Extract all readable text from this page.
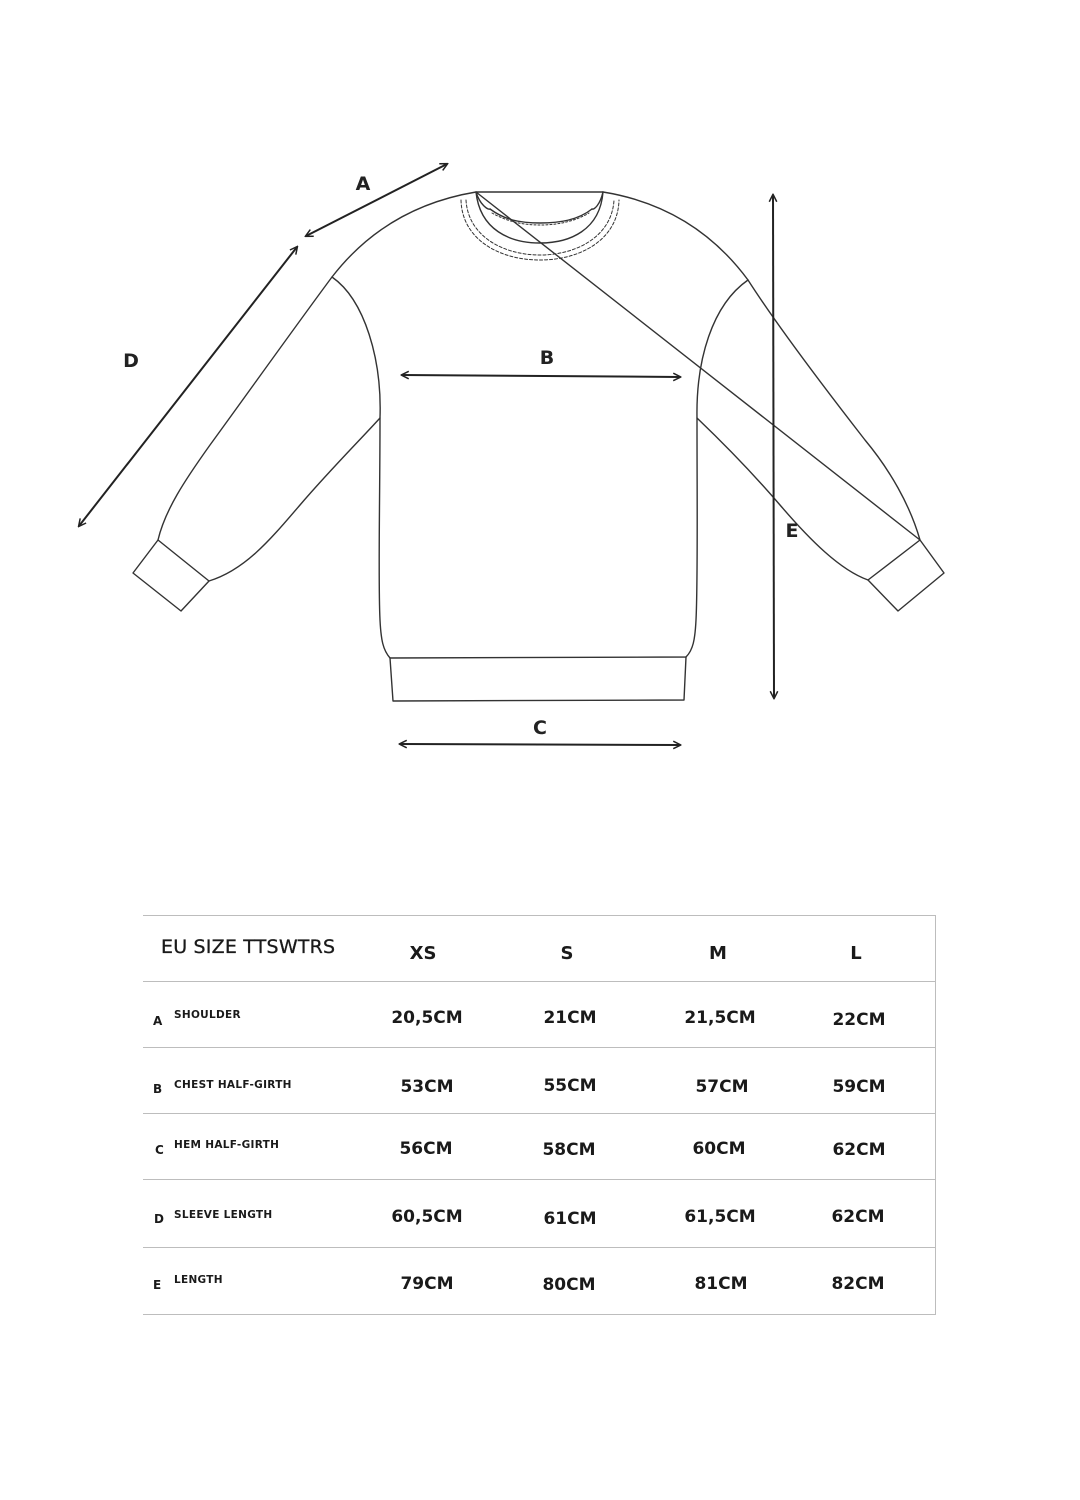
A
D	B
C
E
EU SIZE TTSWTRS	XS	S	M	L
A SHOULDER	20,5CM	21CM	21,5CM	22CM
B CHEST HALF-GIRTH	53CM	55CM	57CM	59CM
C HEM HALF-GIRTH	56CM	58CM	60CM	62CM
D SLEEVE LENGTH	60,5CM	61CM	61,5CM	62CM
E LENGTH	79CM	80CM	81CM	82CM
